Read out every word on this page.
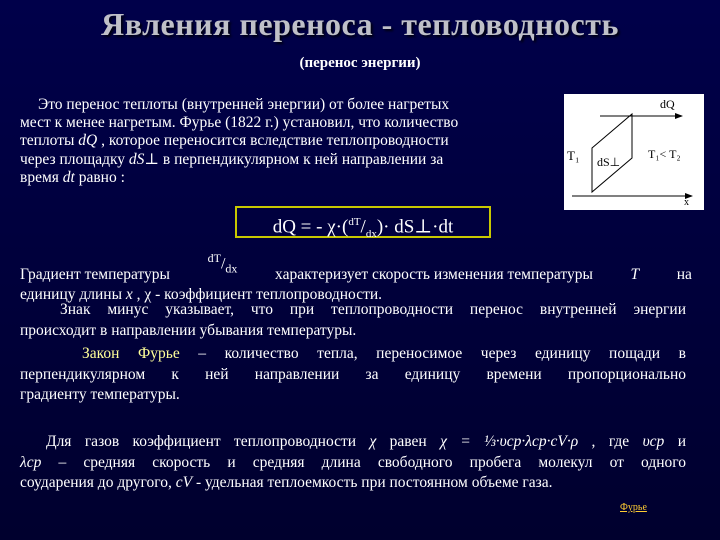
Явления переноса - тепловодность
(перенос энергии)
Это перенос теплоты (внутренней энергии) от более нагретых
мест к менее нагретым. Фурье (1822 г.) установил, что количество
теплоты dQ , которое переносится вследствие теплопроводности
через площадку dS⊥ в перпендикулярном к ней направлении за
время dt равно :
dQ
T₁ dS⊥
T₁< T₂
x
dQ = - $\chi\cdot(^{dT}/_{dx})\cdot$ dS⊥·dt
Градиент температуры
$^{dT}/_{dx}$ характеризует скорость изменения температуры T на
единицу длины x , χ - коэффициент теплопроводности.
Знак минус указывает, что при теплопроводности перенос внутренней энергии
происходит в направлении убывания температуры.
Закон Фурье – количество тепла, переносимое через единицу пощади в
перпендикулярном к ней направлении за единицу времени пропорционально
градиенту температуры.
Для газов коэффициент теплопроводности χ равен χ = ⅓·υср·λср·cV·ρ , где υср и
λср – средняя скорость и средняя длина свободного пробега молекул от одного
соударения до другого, cV - удельная теплоемкость при постоянном объеме газа.
Фурье
